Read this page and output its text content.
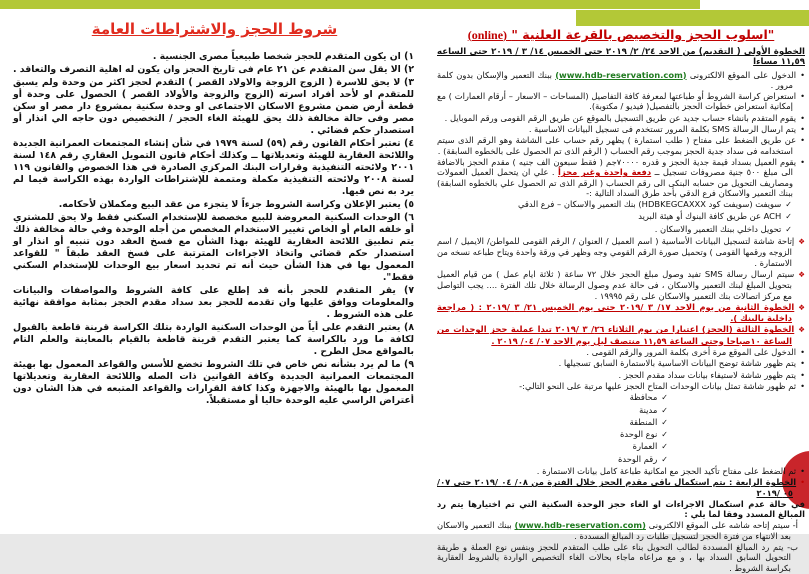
شروط الحجز والاشتراطات العامة
١) ان يكون المتقدم للحجز شخصا طبيعياً مصرى الجنسية .
٢) الا يقل سن المتقدم عن ٢١ عام فى تاريخ الحجز وان يكون له اهلية التصرف والتعاقد .
٣) لا يحق للاسرة ( الزوج الزوجة والاولاد القصر ) التقدم لحجز اكثر من وحدة ولم يسبق للمتقدم او لأحد أفراد اسرته (الزوج والزوجة والأولاد القصر ) الحصول على وحدة أو قطعة أرض ضمن مشروع الاسكان الاجتماعى او وحدة سكنية بمشروع دار مصر او سكن مصر وفى حالة مخالفة ذلك يحق للهيئة الغاء الحجز / التخصيص دون حاجه الي انذار أو استصدار حكم قضائي .
٤) تعتبر أحكام القانون رقم (٥٩) لسنة ١٩٧٩ في شأن إنشاء المجتمعات العمرانية الجديدة واللائحة العقارية للهيئة وتعديلاتها ــ وكذلك أحكام قانون التمويل العقاري رقم ١٤٨ لسنة ٢٠٠١ ولائحته التنفيذية وقرارات البنك المركزي الصادرة في هذا الخصوص والقانون ١١٩ لسنة ٢٠٠٨ ولائحته التنفيذية مكملة ومتممة للإشتراطات الواردة بهذه الكراسة فيما لم يرد به نص فيها.
٥) يعتبر الإعلان وكراسة الشروط جزءاً لا يتجزء من عقد البيع ومكملان لأحكامه.
٦) الوحدات السكنية المعروضة للبيع مخصصة للإستخدام السكني فقط ولا يحق للمشتري أو خلفه العام أو الخاص تغيير الاستخدام المخصص من أجله الوحدة وفي حالة مخالفة ذلك يتم تطبيق اللائحة العقارية للهيئة بهذا الشأن مع فسخ العقد دون تنبيه أو انذار او استصدار حكم قضائي واتخاذ الاجراءات المترتبة على فسخ العقد طبقاً " للقواعد المعمول بها في هذا الشأن حيث أنه تم تحديد اسعار بيع الوحدات للإستخدام السكني فقط".
٧) يقر المتقدم للحجز بأنه قد إطلع على كافة الشروط والمواصفات والبيانات والمعلومات ووافق عليها وان تقدمه للحجز بعد سداد مقدم الحجز بمثابة موافقة نهائية على هذه الشروط .
٨) يعتبر التقدم على أياً من الوحدات السكنية الواردة بتلك الكراسة قرينة قاطعة بالقبول لكافة ما ورد بالكراسة كما يعتبر التقدم قرينة قاطعة بالقيام بالمعاينة والعلم التام بالمواقع محل الطرح .
٩) ما لم يرد بشأنه نص خاص في تلك الشروط تخضع للأسس والقواعد المعمول بها بهيئة المجتمعات العمرانية الجديدة وكافة القوانين ذات الصله واللائحة العقارية وتعديلاتها المعمول بها بالهيئة والاجهزة وكذا كافة القرارات والقواعد المتبعه في هذا الشان دون أعتراض الراسي عليه الوحدة حاليا أو مستقبلاً.
"اسلوب الحجز والتخصيص بالقرعة العلنية " (online)
الخطوة الأولى ( التقديم) من الاحد ٢٤/ ٢/ ٢٠١٩ حتى الخميس ١٤/ ٣ / ٢٠١٩ حتى الساعه ١١,٥٩ مساءا
•الدخول على الموقع الالكترونى (www.hdb-reservation.com) ببنك التعمير والإسكان بدون كلمة مرور .
•استعراض كراسة الشروط أو طباعتها لمعرفة كافة التفاصيل (المساحات – الاسعار – أرقام العمارات ) مع إمكانية استعراض خطوات الحجز بالتفصيل( فيديو / مكتوبة).
•يقوم المتقدم بانشاء حساب جديد عن طريق التسجيل بالموقع عن طريق الرقم القومى ورقم الموبايل .
•يتم ارسال الرسالة SMS بكلمة المرور تستخدم فى تسجيل البيانات الاساسية .
•عن طريق الضغط على مفتاح ( طلب استمارة ) يظهر رقم حساب على الشاشة وهو الرقم الذى سيتم استخدامه فى سداد جدية الحجز بموجب رقم الحساب ( الرقم الذى تم الحصول على بالخطوه السابقة) .
•يقوم العميل بسداد قيمة جدية الحجز و قدره ٧٠٠٠٠جم ( فقط سبعون الف جنيه ) مقدم الحجز بالاضافة الى مبلغ ٥٠٠ جنية مصروفات تسجيل ــ دفعة واحدة وغير مجزأ . علي ان يتحمل العميل العمولات ومصاريف التحويل من حسابه البنكى الى رقم الحساب ( الرقم الذى تم الحصول علي بالخطوه السابقة) ببنك التعمير والاسكان فرع الدقي بأحد طرق السداد التالية :-
✓سويفت (سويفت كود HDBKEGCAXXX) بنك التعمير والاسكان – فرع الدقي
✓ACH عن طريق كافة البنوك أو هيئة البريد
✓تحويل داخلي ببنك التعمير والاسكان .
❖إتاحة شاشة لتسجيل البيانات الأساسية ( اسم العميل / العنوان / الرقم القومى للمواطن/ الايميل / اسم الزوجه ورقمها القومى ) وتحميل صورة الرقم القومي وجه وظهر في ورقة واحدة ويتاح طباعه نسخه من الاستمارة .
❖سيتم ارسال رسالة SMS تفيد وصول مبلغ الحجز خلال ٧٢ ساعة ( ثلاثة ايام عمل ) من قيام العميل بتحويل المبلغ لبنك التعمير والاسكان ، فى حالة عدم وصول الرسالة خلال تلك الفترة .... يجب التواصل مع مركز اتصالات بنك التعمير والاسكان على رقم ١٩٩٩٥ .
❖الخطوة الثانية من يوم الاحد ١٧/ ٣ /٢٠١٩ حتى يوم الخميس ٢١/ ٣ /٢٠١٩ : ( مراجعة داخلية بالبنك ).
❖الخطوة الثالثة (الحجز) اعتبارا من يوم الثلاثاء ٢٦/ ٣ /٢٠١٩ تبدا عملية حجز الوحدات من الساعة ١٠صباحا وحتى الساعة ١١,٥٩ منتصف ليل يوم الاحد ٠٧/ ٠٤/ ٢٠١٩ .
•الدخول على الموقع مرة أخرى بكلمة المرور والرقم القومى .
•يتم ظهور شاشة توضح البيانات الاساسية بالاستمارة السابق تسجيلها .
•يتم ظهور شاشة لاستيفاء بيانات سداد مقدم الحجز .
•ثم ظهور شاشة تمثل بيانات الوحدات المتاح الحجز عليها مرتبة على النحو التالي:-
✓محافظة
✓مدينة
✓المنطقة
✓نوع الوحدة
✓العمارة
✓رقم الوحدة
•ثم الضغط على مفتاح تأكيد الحجز مع امكانية طباعة كامل بيانات الاستمارة .
•الخطوة الرابعة : يتم استكمال باقى مقدم الحجز خلال الفترة من ٠٨/ ٠٤ /٢٠١٩ حتى ٠٧/ ٠٥ /٢٠١٩
في حالة عدم استكمال الاجراءات او الغاء حجز الوحدة السكنية التي تم اختيارها يتم رد المبالغ المسدد وفقا لما يلي :
أ- سيتم إتاحه شاشه على الموقع الالكترونى (www.hdb-reservation.com) ببنك التعمير والاسكان بعد الانتهاء من فترة الحجز لتسجيل طلبات رد المبالغ المسددة .
ب- يتم رد المبالغ المسددة لطالب التحويل بناء على طلب المتقدم للحجز وبنفس نوع العملة و طريقة التحويل السابق السداد بها ، و مع مراعاه ماجاء بحالات الغاء التخصيص الواردة بالشروط العقارية بكراسة الشروط .
